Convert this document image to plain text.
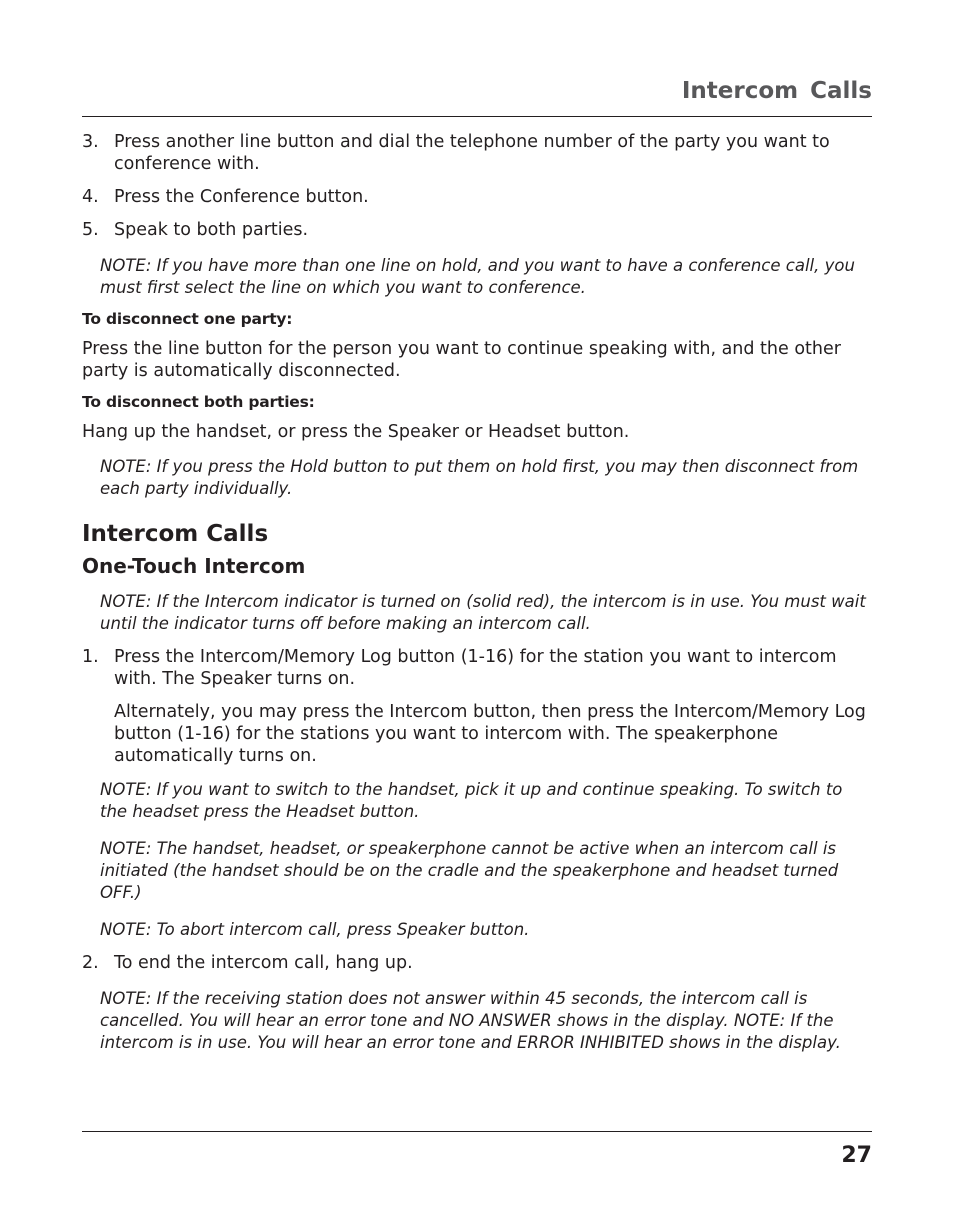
Intercom Calls
3. Press another line button and dial the telephone number of the party you want to conference with.
4. Press the Conference button.
5. Speak to both parties.
NOTE: If you have more than one line on hold, and you want to have a conference call, you must first select the line on which you want to conference.
To disconnect one party:
Press the line button for the person you want to continue speaking with, and the other party is automatically disconnected.
To disconnect both parties:
Hang up the handset, or press the Speaker or Headset button.
NOTE: If you press the Hold button to put them on hold first, you may then disconnect from each party individually.
Intercom Calls
One-Touch Intercom
NOTE: If the Intercom indicator is turned on (solid red), the intercom is in use. You must wait until the indicator turns off before making an intercom call.
1. Press the Intercom/Memory Log button (1-16) for the station you want to intercom with. The Speaker turns on.
Alternately, you may press the Intercom button, then press the Intercom/Memory Log button (1-16) for the stations you want to intercom with. The speakerphone automatically turns on.
NOTE: If you want to switch to the handset, pick it up and continue speaking. To switch to the headset press the Headset button.
NOTE: The handset, headset, or speakerphone cannot be active when an intercom call is initiated (the handset should be on the cradle and the speakerphone and headset turned OFF.)
NOTE: To abort intercom call, press Speaker button.
2. To end the intercom call, hang up.
NOTE: If the receiving station does not answer within 45 seconds, the intercom call is cancelled. You will hear an error tone and NO ANSWER shows in the display. NOTE: If the intercom is in use. You will hear an error tone and ERROR INHIBITED shows in the display.
27
